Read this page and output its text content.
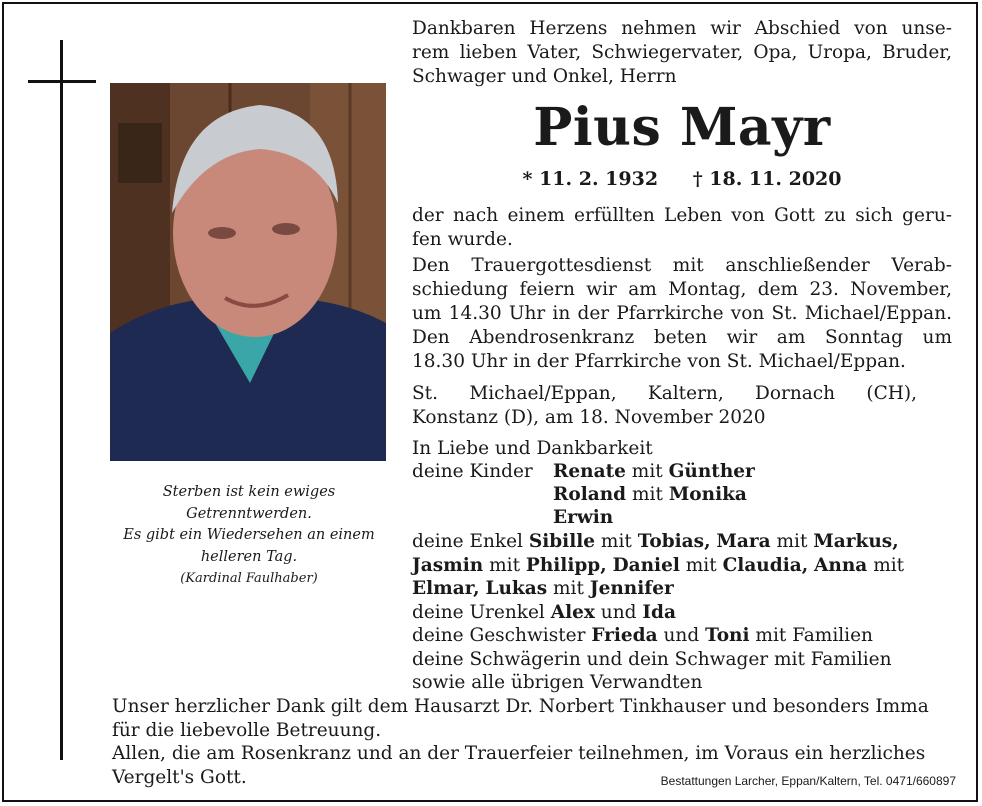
Sterben ist kein ewiges
Getrenntwerden.
Es gibt ein Wiedersehen an einem
helleren Tag.
(Kardinal Faulhaber)
Dankbaren Herzens nehmen wir Abschied von unse-
rem lieben Vater, Schwiegervater, Opa, Uropa, Bruder,
Schwager und Onkel, Herrn
Pius Mayr
* 11. 2. 1932 † 18. 11. 2020
der nach einem erfüllten Leben von Gott zu sich geru-
fen wurde.
Den Trauergottesdienst mit anschließender Verab-
schiedung feiern wir am Montag, dem 23. November,
um 14.30 Uhr in der Pfarrkirche von St. Michael/Eppan.
Den Abendrosenkranz beten wir am Sonntag um
18.30 Uhr in der Pfarrkirche von St. Michael/Eppan.
St. Michael/Eppan, Kaltern, Dornach (CH),
Konstanz (D), am 18. November 2020
In Liebe und Dankbarkeit
deine Kinder Renate mit Günther
Roland mit Monika
Erwin
deine Enkel Sibille mit Tobias, Mara mit Markus,
Jasmin mit Philipp, Daniel mit Claudia, Anna mit
Elmar, Lukas mit Jennifer
deine Urenkel Alex und Ida
deine Geschwister Frieda und Toni mit Familien
deine Schwägerin und dein Schwager mit Familien
sowie alle übrigen Verwandten
Unser herzlicher Dank gilt dem Hausarzt Dr. Norbert Tinkhauser und besonders Imma
für die liebevolle Betreuung.
Allen, die am Rosenkranz und an der Trauerfeier teilnehmen, im Voraus ein herzliches
Vergelt's Gott.	Bestattungen Larcher, Eppan/Kaltern, Tel. 0471/660897
